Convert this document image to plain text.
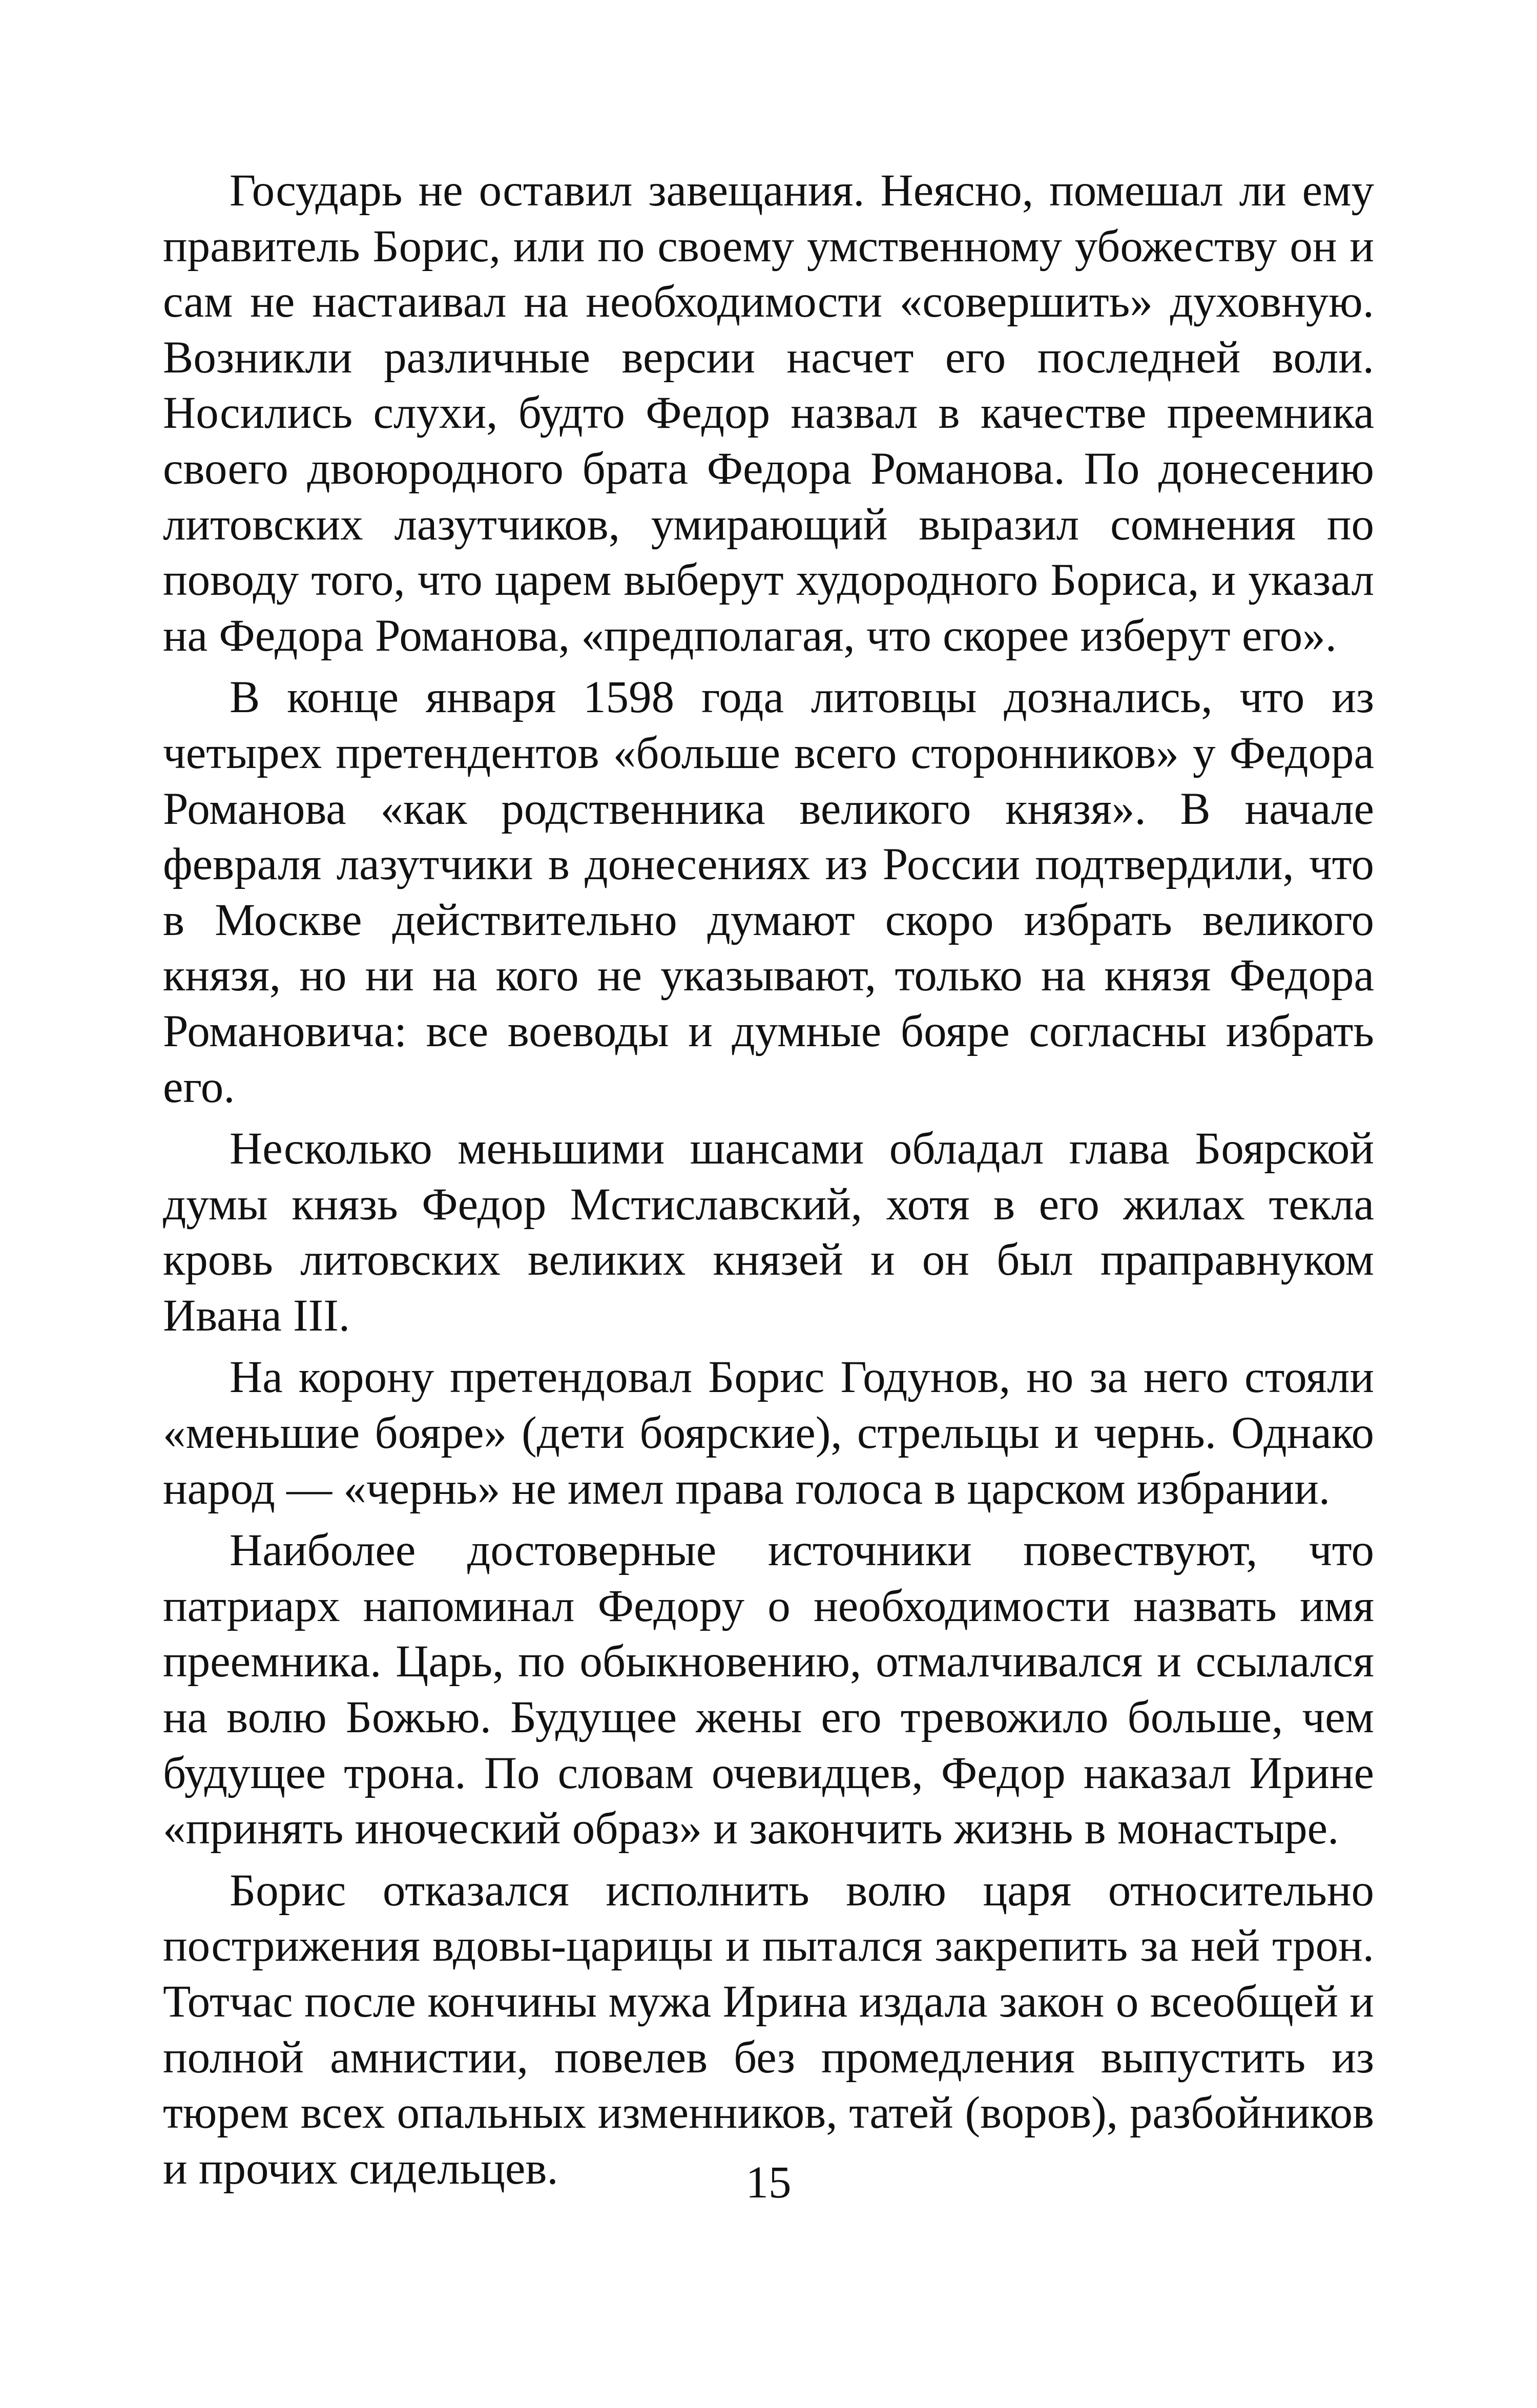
Государь не оставил завещания. Неясно, помешал ли ему правитель Борис, или по своему умственному убожеству он и сам не настаивал на необходимости «совершить» духовную. Возникли различные версии насчет его последней воли. Носились слухи, будто Федор назвал в качестве преемника своего двоюродного брата Федора Романова. По донесению литовских лазутчиков, умирающий выразил сомнения по поводу того, что царем выберут худородного Бориса, и указал на Федора Романова, «предполагая, что скорее изберут его».

В конце января 1598 года литовцы дознались, что из четырех претендентов «больше всего сторонников» у Федора Романова «как родственника великого князя». В начале февраля лазутчики в донесениях из России подтвердили, что в Москве действительно думают скоро избрать великого князя, но ни на кого не указывают, только на князя Федора Романовича: все воеводы и думные бояре согласны избрать его.

Несколько меньшими шансами обладал глава Боярской думы князь Федор Мстиславский, хотя в его жилах текла кровь литовских великих князей и он был праправнуком Ивана III.

На корону претендовал Борис Годунов, но за него стояли «меньшие бояре» (дети боярские), стрельцы и чернь. Однако народ — «чернь» не имел права голоса в царском избрании.

Наиболее достоверные источники повествуют, что патриарх напоминал Федору о необходимости назвать имя преемника. Царь, по обыкновению, отмалчивался и ссылался на волю Божью. Будущее жены его тревожило больше, чем будущее трона. По словам очевидцев, Федор наказал Ирине «принять иноческий образ» и закончить жизнь в монастыре.

Борис отказался исполнить волю царя относительно пострижения вдовы-царицы и пытался закрепить за ней трон. Тотчас после кончины мужа Ирина издала закон о всеобщей и полной амнистии, повелев без промедления выпустить из тюрем всех опальных изменников, татей (воров), разбойников и прочих сидельцев.	15
